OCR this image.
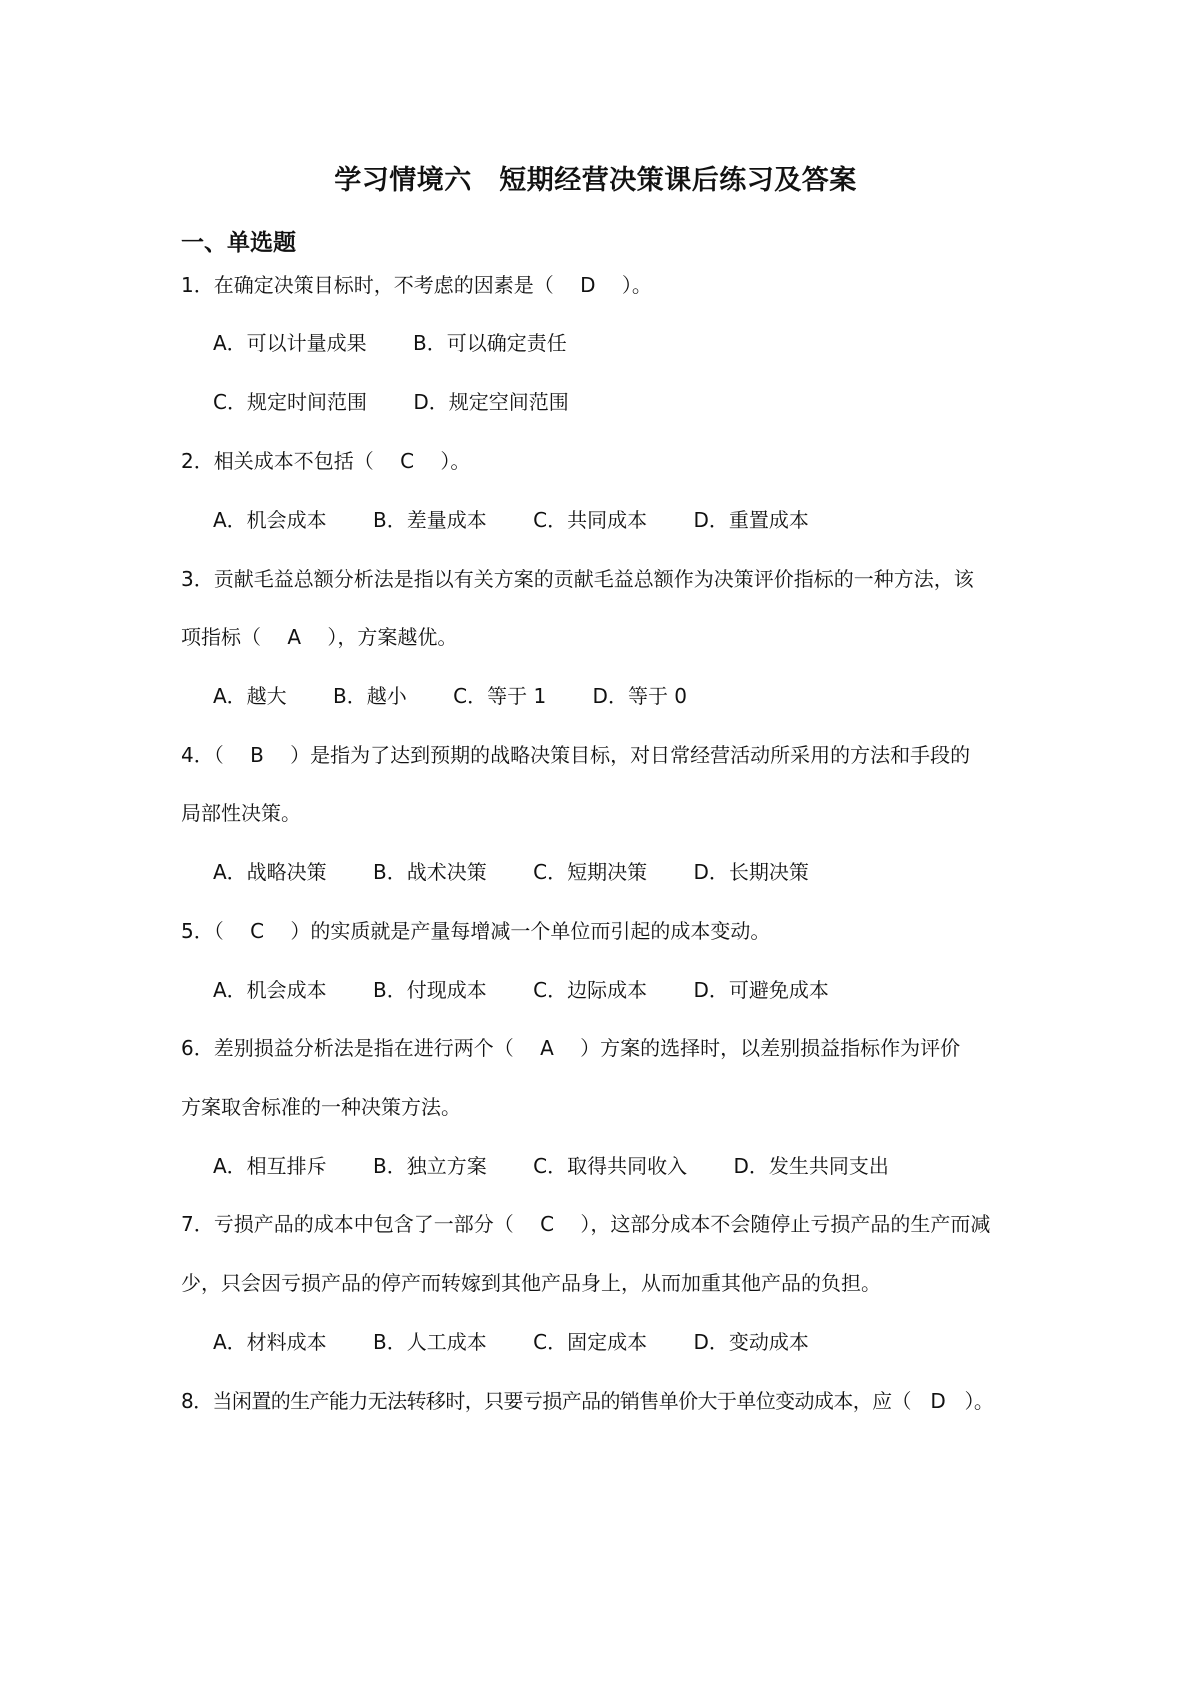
学习情境六　短期经营决策课后练习及答案
一、单选题
1．在确定决策目标时，不考虑的因素是（　 D　 ）。
A．可以计量成果 B．可以确定责任
C．规定时间范围 D．规定空间范围
2．相关成本不包括（　 C　 ）。
A．机会成本 B．差量成本 C．共同成本 D．重置成本
3．贡献毛益总额分析法是指以有关方案的贡献毛益总额作为决策评价指标的一种方法，该
项指标（　 A　 ），方案越优。
A．越大 B．越小 C．等于 1 D．等于 0
4．（　 B　 ）是指为了达到预期的战略决策目标，对日常经营活动所采用的方法和手段的
局部性决策。
A．战略决策 B．战术决策 C．短期决策 D．长期决策
5．（　 C　 ）的实质就是产量每增减一个单位而引起的成本变动。
A．机会成本 B．付现成本 C．边际成本 D．可避免成本
6．差别损益分析法是指在进行两个（　 A　 ）方案的选择时，以差别损益指标作为评价
方案取舍标准的一种决策方法。
A．相互排斥 B．独立方案 C．取得共同收入 D．发生共同支出
7．亏损产品的成本中包含了一部分（　 C　 ），这部分成本不会随停止亏损产品的生产而减
少，只会因亏损产品的停产而转嫁到其他产品身上，从而加重其他产品的负担。
A．材料成本 B．人工成本 C．固定成本 D．变动成本
8．当闲置的生产能力无法转移时，只要亏损产品的销售单价大于单位变动成本，应（　D　）。
